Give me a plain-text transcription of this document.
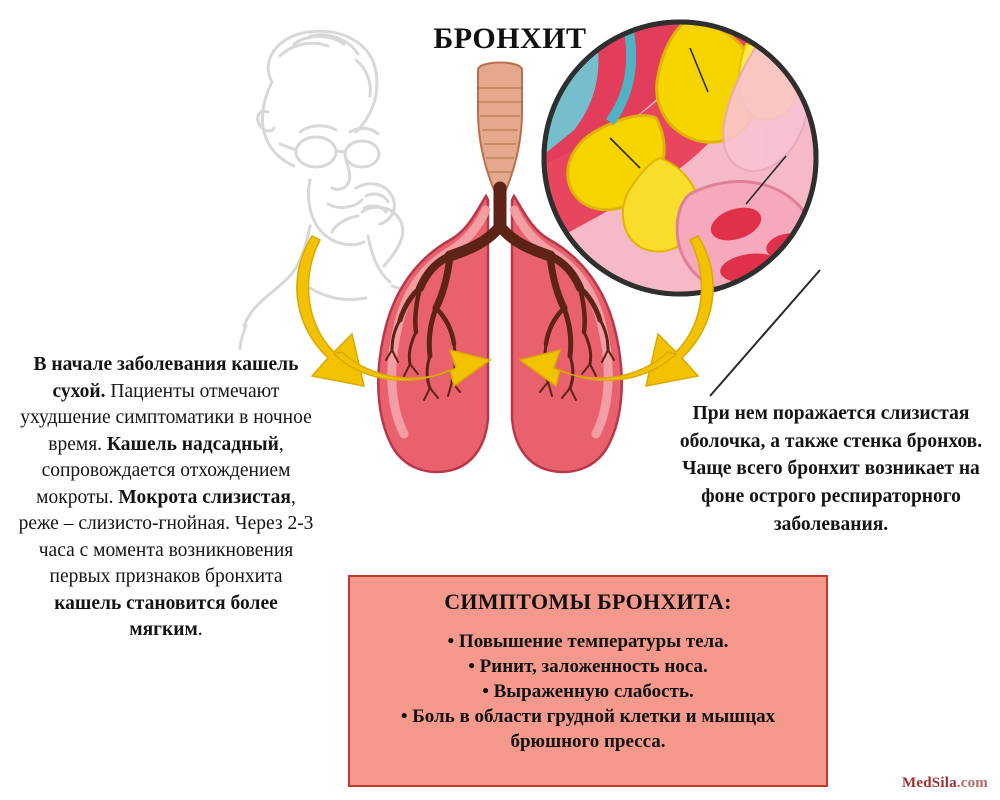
БРОНХИТ
В начале заболевания кашель сухой. Пациенты отмечают ухудшение симптоматики в ночное время. Кашель надсадный, сопровождается отхождением мокроты. Мокрота слизистая, реже – слизисто-гнойная. Через 2-3 часа с момента возникновения первых признаков бронхита кашель становится более мягким.
При нем поражается слизистая оболочка, а также стенка бронхов. Чаще всего бронхит возникает на фоне острого респираторного заболевания.
СИМПТОМЫ БРОНХИТА:
• Повышение температуры тела.
• Ринит, заложенность носа.
• Выраженную слабость.
• Боль в области грудной клетки и мышцах брюшного пресса.
MedSila.com
